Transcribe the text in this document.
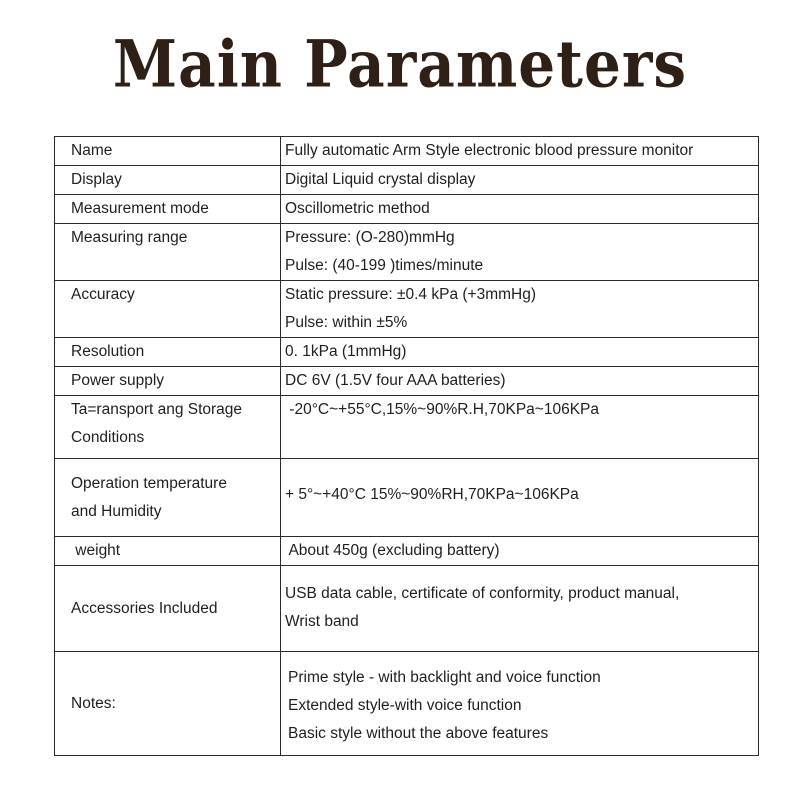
Main Parameters
Name	Fully automatic Arm Style electronic blood pressure monitor

Display	Digital Liquid crystal display

Measurement mode	Oscillometric method

Measuring range	Pressure: (O-280)mmHg
Pulse: (40-199 )times/minute

Accuracy	Static pressure: ±0.4 kPa (+3mmHg)
Pulse: within ±5%

Resolution	0. 1kPa (1mmHg)

Power supply	DC 6V (1.5V four AAA batteries)

Ta=ransport ang Storage
Conditions	-20°C~+55°C,15%~90%R.H,70KPa~106KPa

Operation temperature
and Humidity	+ 5°~+40°C 15%~90%RH,70KPa~106KPa

weight	About 450g (excluding battery)

Accessories Included	USB data cable, certificate of conformity, product manual,
Wrist band

Notes:	Prime style - with backlight and voice function
Extended style-with voice function
Basic style without the above features
